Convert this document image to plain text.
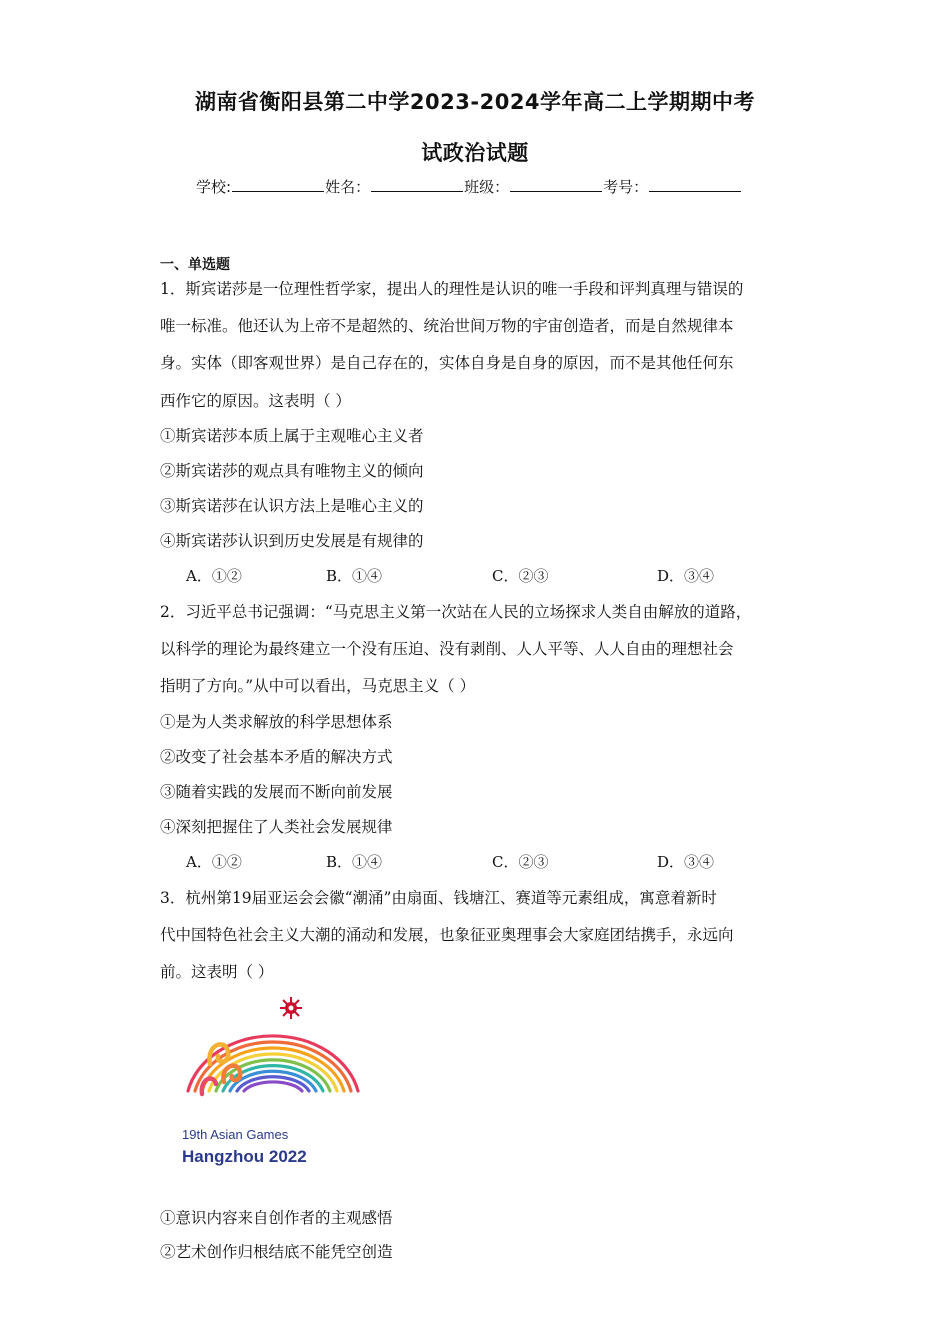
湖南省衡阳县第二中学2023-2024学年高二上学期期中考
试政治试题
学校:	姓名：	班级：	考号：
一、单选题
1．斯宾诺莎是一位理性哲学家，提出人的理性是认识的唯一手段和评判真理与错误的
唯一标准。他还认为上帝不是超然的、统治世间万物的宇宙创造者，而是自然规律本
身。实体（即客观世界）是自己存在的，实体自身是自身的原因，而不是其他任何东
西作它的原因。这表明（ ）
①斯宾诺莎本质上属于主观唯心主义者
②斯宾诺莎的观点具有唯物主义的倾向
③斯宾诺莎在认识方法上是唯心主义的
④斯宾诺莎认识到历史发展是有规律的
A．①②	B．①④	C．②③	D．③④
2．习近平总书记强调：“马克思主义第一次站在人民的立场探求人类自由解放的道路，
以科学的理论为最终建立一个没有压迫、没有剥削、人人平等、人人自由的理想社会
指明了方向。”从中可以看出，马克思主义（ ）
①是为人类求解放的科学思想体系
②改变了社会基本矛盾的解决方式
③随着实践的发展而不断向前发展
④深刻把握住了人类社会发展规律
A．①②	B．①④	C．②③	D．③④
3．杭州第19届亚运会会徽“潮涌”由扇面、钱塘江、赛道等元素组成，寓意着新时
代中国特色社会主义大潮的涌动和发展，也象征亚奥理事会大家庭团结携手，永远向
前。这表明（ ）
19th Asian Games
Hangzhou 2022
①意识内容来自创作者的主观感悟
②艺术创作归根结底不能凭空创造
